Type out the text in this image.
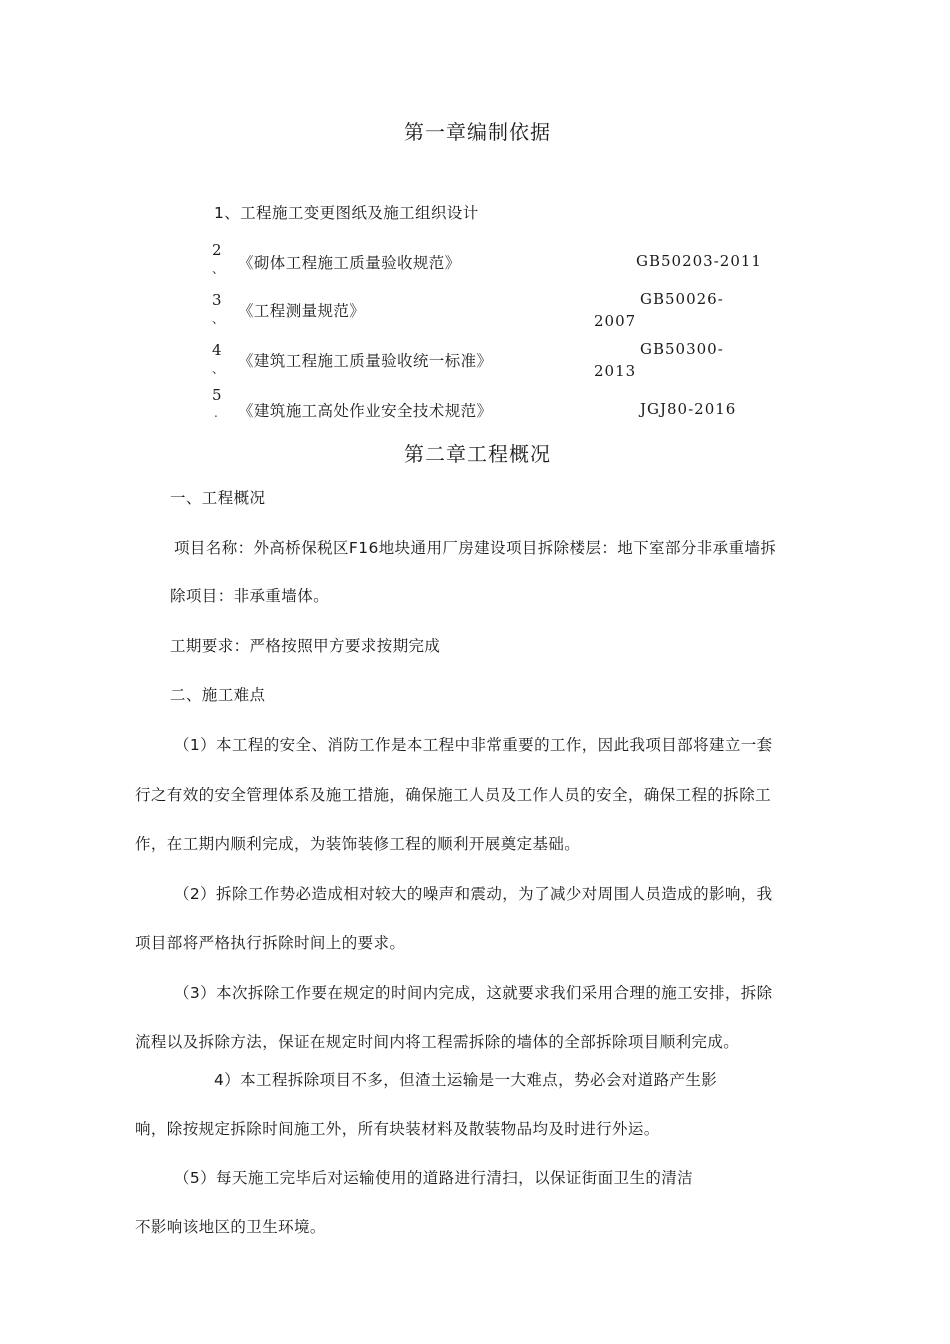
第一章编制依据
1、工程施工变更图纸及施工组织设计
2
、 《砌体工程施工质量验收规范》	GB50203-2011
3
、 《工程测量规范》
GB50026-
2007
4
、 《建筑工程施工质量验收统一标准》
GB50300-
2013
5
. 《建筑施工高处作业安全技术规范》	JGJ80-2016
第二章工程概况
一、工程概况
项目名称：外高桥保税区F16地块通用厂房建设项目拆除楼层：地下室部分非承重墙拆
除项目：非承重墙体。
工期要求：严格按照甲方要求按期完成
二、施工难点
（1）本工程的安全、消防工作是本工程中非常重要的工作，因此我项目部将建立一套
行之有效的安全管理体系及施工措施，确保施工人员及工作人员的安全，确保工程的拆除工
作，在工期内顺利完成，为装饰装修工程的顺利开展奠定基础。
（2）拆除工作势必造成相对较大的噪声和震动，为了减少对周围人员造成的影响，我
项目部将严格执行拆除时间上的要求。
（3）本次拆除工作要在规定的时间内完成，这就要求我们采用合理的施工安排，拆除
流程以及拆除方法，保证在规定时间内将工程需拆除的墙体的全部拆除项目顺利完成。
4）本工程拆除项目不多，但渣土运输是一大难点，势必会对道路产生影
响，除按规定拆除时间施工外，所有块装材料及散装物品均及时进行外运。
（5）每天施工完毕后对运输使用的道路进行清扫，以保证街面卫生的清洁
不影响该地区的卫生环境。
